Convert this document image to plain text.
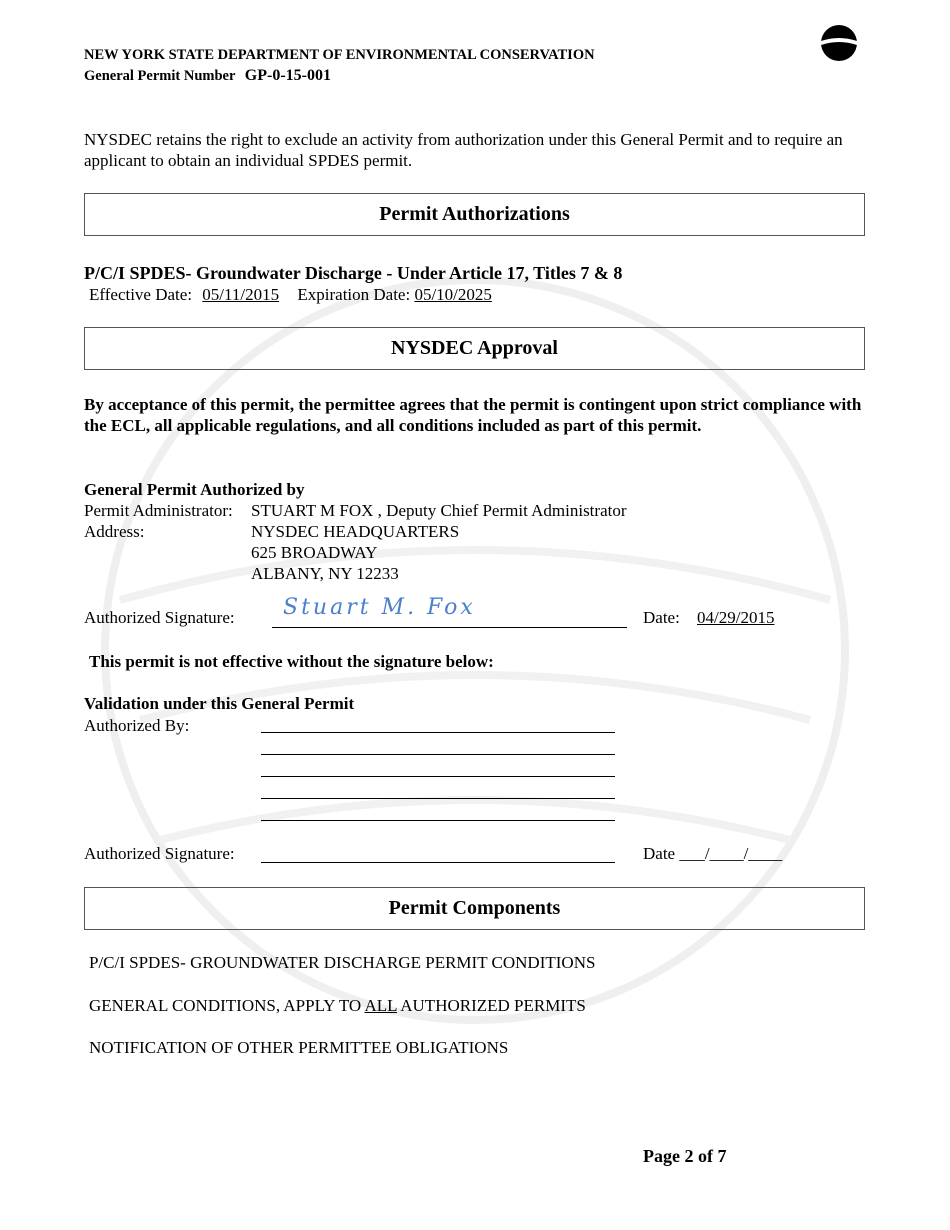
NEW YORK STATE DEPARTMENT OF ENVIRONMENTAL CONSERVATION
General Permit Number GP-0-15-001
NYSDEC retains the right to exclude an activity from authorization under this General Permit and to require an applicant to obtain an individual SPDES permit.
Permit Authorizations
P/C/I SPDES- Groundwater Discharge - Under Article 17, Titles 7 & 8
Effective Date: 05/11/2015 Expiration Date: 05/10/2025
NYSDEC Approval
By acceptance of this permit, the permittee agrees that the permit is contingent upon strict compliance with the ECL, all applicable regulations, and all conditions included as part of this permit.
General Permit Authorized by
Permit Administrator: STUART M FOX , Deputy Chief Permit Administrator
Address:	NYSDEC HEADQUARTERS
625 BROADWAY
ALBANY, NY 12233
Authorized Signature: Stuart M. Fox	Date: 04/29/2015
This permit is not effective without the signature below:
Validation under this General Permit
Authorized By:
Authorized Signature:	Date ___/____/____
Permit Components
P/C/I SPDES- GROUNDWATER DISCHARGE PERMIT CONDITIONS
GENERAL CONDITIONS, APPLY TO ALL AUTHORIZED PERMITS
NOTIFICATION OF OTHER PERMITTEE OBLIGATIONS
Page 2 of 7
